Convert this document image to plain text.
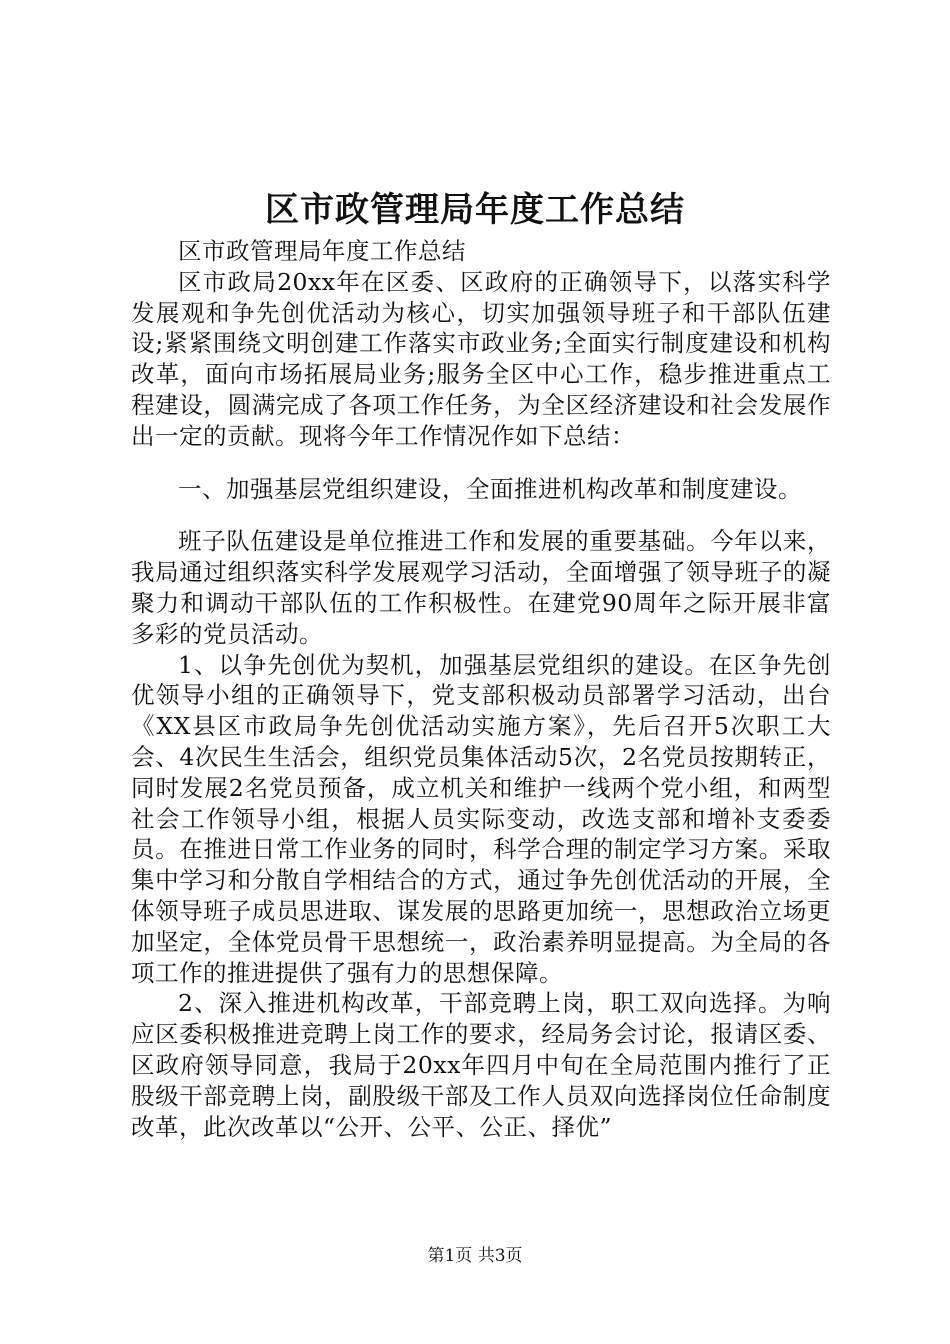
区市政管理局年度工作总结

区市政管理局年度工作总结

区市政局20xx年在区委、区政府的正确领导下，以落实科学发展观和争先创优活动为核心，切实加强领导班子和干部队伍建设;紧紧围绕文明创建工作落实市政业务;全面实行制度建设和机构改革，面向市场拓展局业务;服务全区中心工作，稳步推进重点工程建设，圆满完成了各项工作任务，为全区经济建设和社会发展作出一定的贡献。现将今年工作情况作如下总结：

一、加强基层党组织建设，全面推进机构改革和制度建设。

班子队伍建设是单位推进工作和发展的重要基础。今年以来，我局通过组织落实科学发展观学习活动，全面增强了领导班子的凝聚力和调动干部队伍的工作积极性。在建党90周年之际开展非富多彩的党员活动。

1、以争先创优为契机，加强基层党组织的建设。在区争先创优领导小组的正确领导下，党支部积极动员部署学习活动，出台《XX县区市政局争先创优活动实施方案》，先后召开5次职工大会、4次民生生活会，组织党员集体活动5次，2名党员按期转正，同时发展2名党员预备，成立机关和维护一线两个党小组，和两型社会工作领导小组，根据人员实际变动，改选支部和增补支委委员。在推进日常工作业务的同时，科学合理的制定学习方案。采取集中学习和分散自学相结合的方式，通过争先创优活动的开展，全体领导班子成员思进取、谋发展的思路更加统一，思想政治立场更加坚定，全体党员骨干思想统一，政治素养明显提高。为全局的各项工作的推进提供了强有力的思想保障。

2、深入推进机构改革，干部竞聘上岗，职工双向选择。为响应区委积极推进竞聘上岗工作的要求，经局务会讨论，报请区委、区政府领导同意，我局于20xx年四月中旬在全局范围内推行了正股级干部竞聘上岗，副股级干部及工作人员双向选择岗位任命制度改革，此次改革以“公开、公平、公正、择优”

第1页 共3页
